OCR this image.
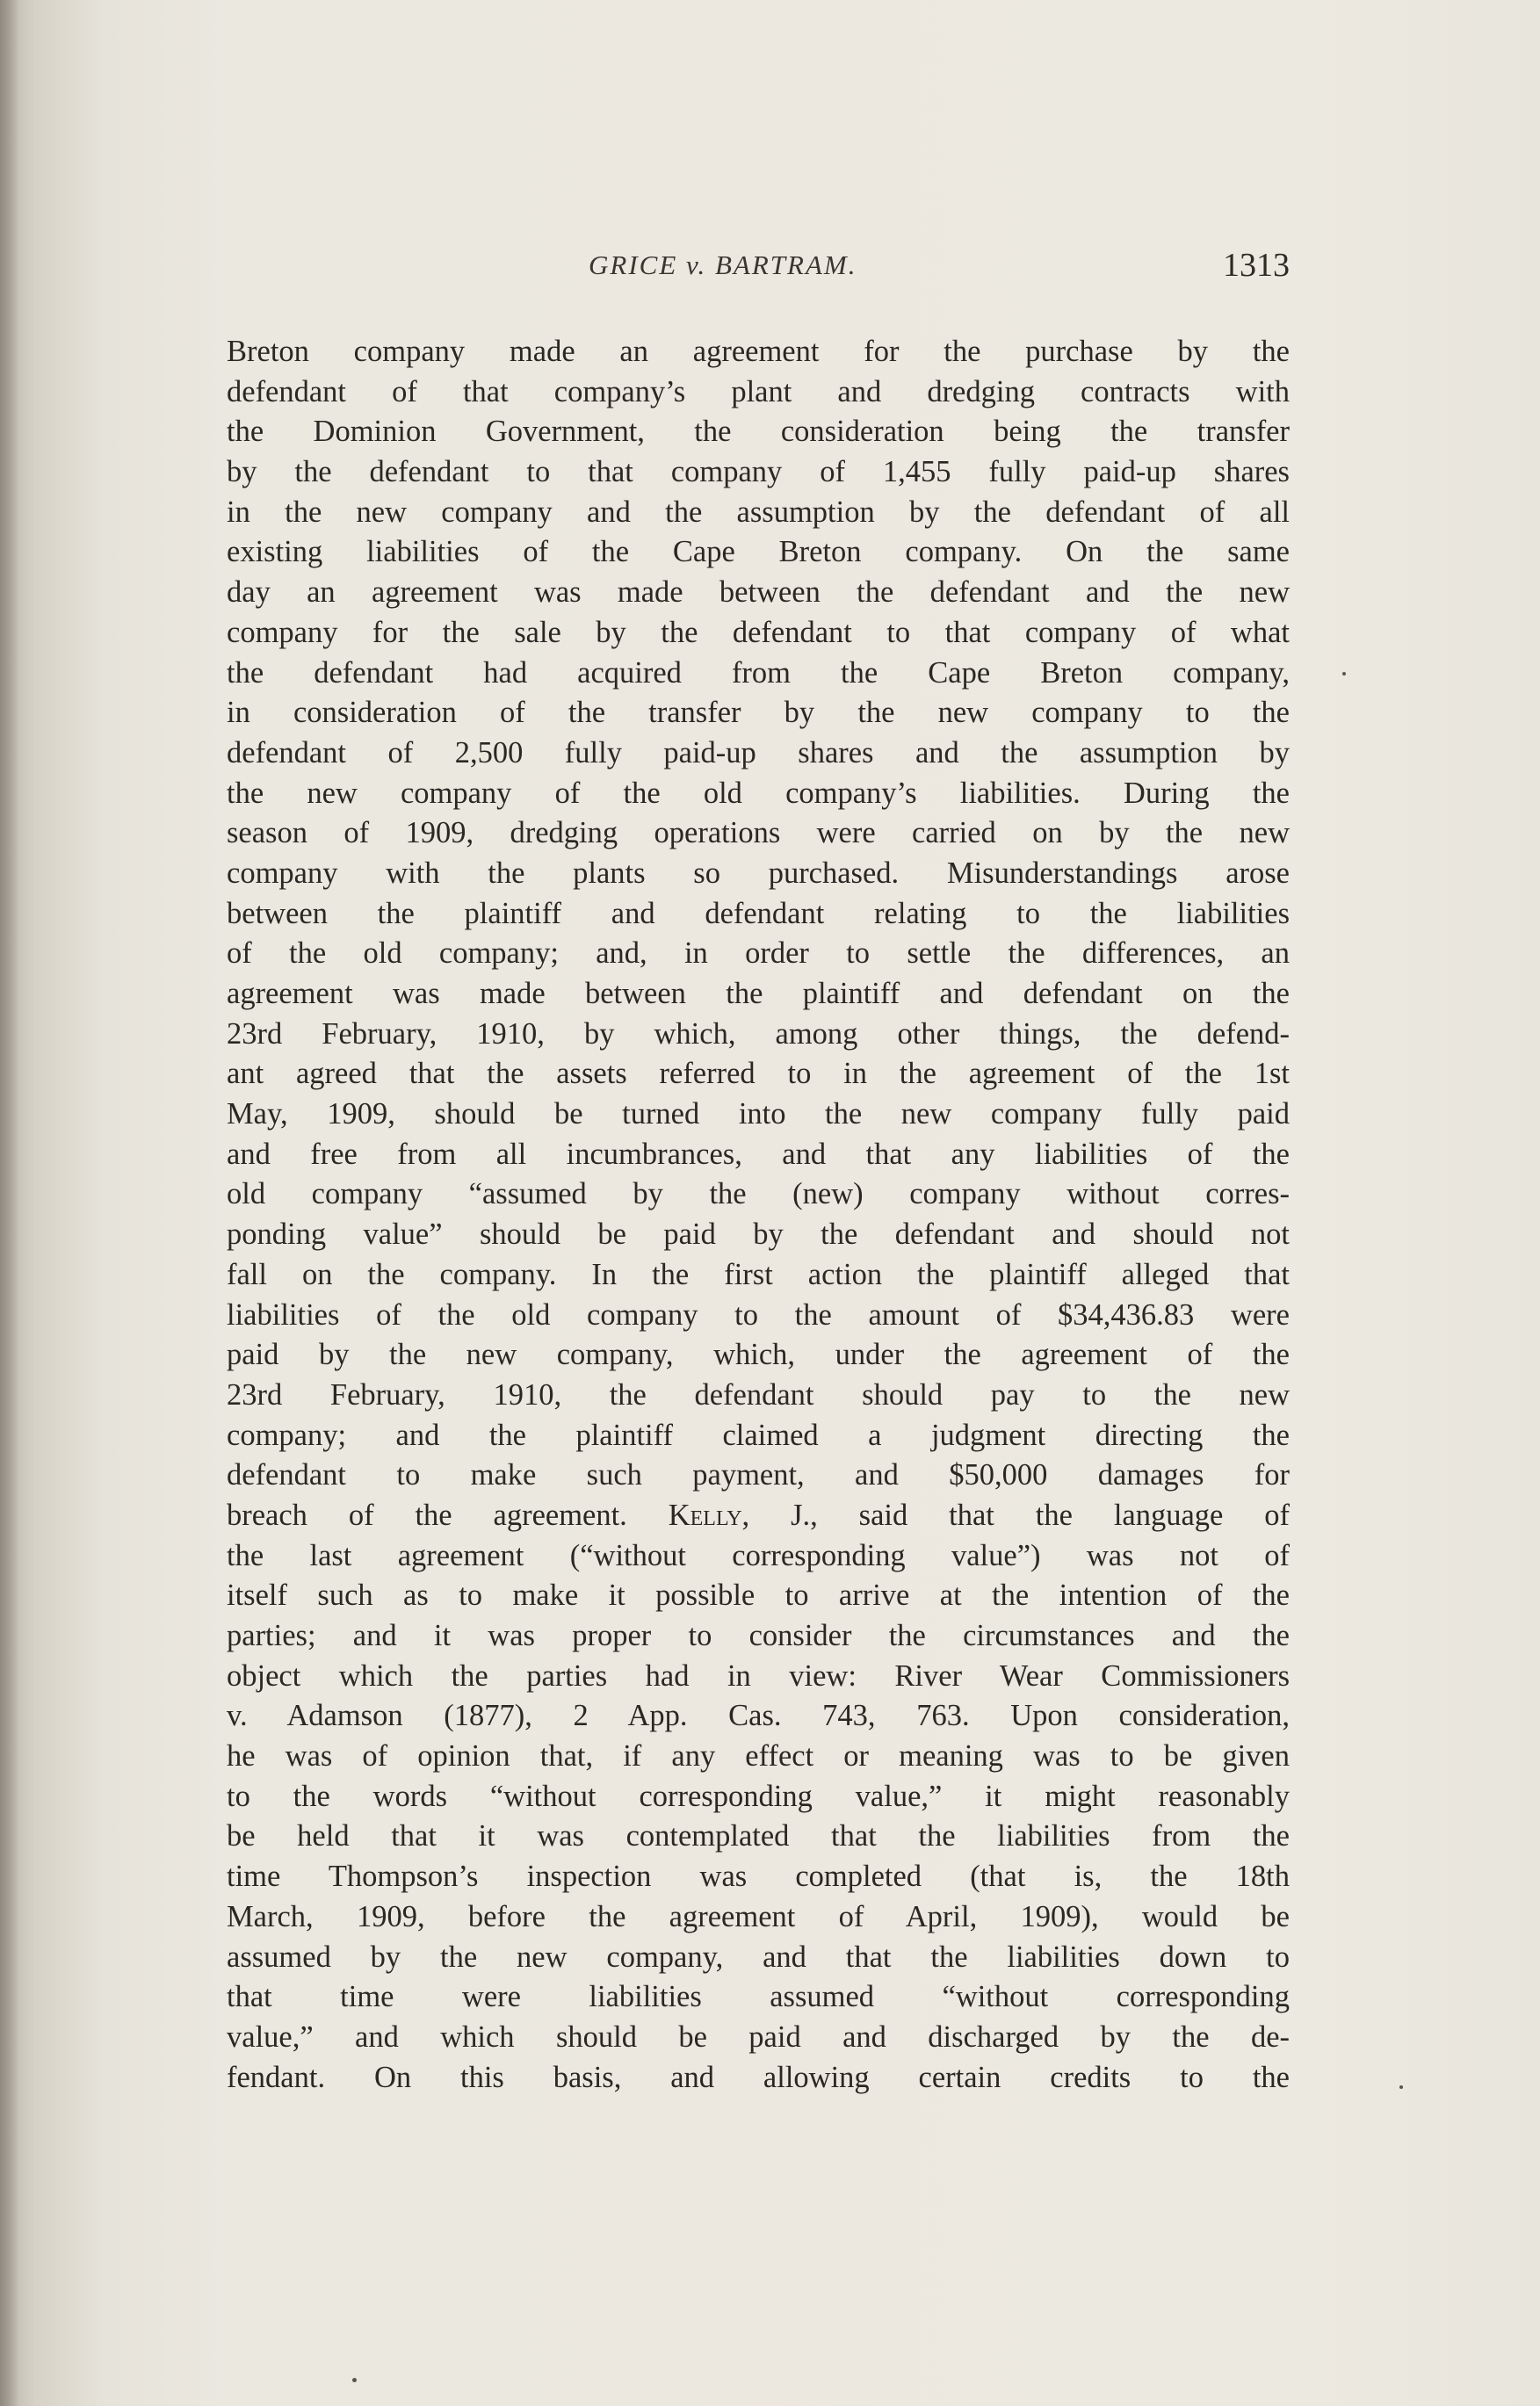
GRICE v. BARTRAM.	1313
Breton company made an agreement for the purchase by the
defendant of that company’s plant and dredging contracts with
the Dominion Government, the consideration being the transfer
by the defendant to that company of 1,455 fully paid-up shares
in the new company and the assumption by the defendant of all
existing liabilities of the Cape Breton company. On the same
day an agreement was made between the defendant and the new
company for the sale by the defendant to that company of what
the defendant had acquired from the Cape Breton company,
in consideration of the transfer by the new company to the
defendant of 2,500 fully paid-up shares and the assumption by
the new company of the old company’s liabilities. During the
season of 1909, dredging operations were carried on by the new
company with the plants so purchased. Misunderstandings arose
between the plaintiff and defendant relating to the liabilities
of the old company; and, in order to settle the differences, an
agreement was made between the plaintiff and defendant on the
23rd February, 1910, by which, among other things, the defend-
ant agreed that the assets referred to in the agreement of the 1st
May, 1909, should be turned into the new company fully paid
and free from all incumbrances, and that any liabilities of the
old company “assumed by the (new) company without corres-
ponding value” should be paid by the defendant and should not
fall on the company. In the first action the plaintiff alleged that
liabilities of the old company to the amount of $34,436.83 were
paid by the new company, which, under the agreement of the
23rd February, 1910, the defendant should pay to the new
company; and the plaintiff claimed a judgment directing the
defendant to make such payment, and $50,000 damages for
breach of the agreement. Kelly, J., said that the language of
the last agreement (“without corresponding value”) was not of
itself such as to make it possible to arrive at the intention of the
parties; and it was proper to consider the circumstances and the
object which the parties had in view: River Wear Commissioners
v. Adamson (1877), 2 App. Cas. 743, 763. Upon consideration,
he was of opinion that, if any effect or meaning was to be given
to the words “without corresponding value,” it might reasonably
be held that it was contemplated that the liabilities from the
time Thompson’s inspection was completed (that is, the 18th
March, 1909, before the agreement of April, 1909), would be
assumed by the new company, and that the liabilities down to
that time were liabilities assumed “without corresponding
value,” and which should be paid and discharged by the de-
fendant. On this basis, and allowing certain credits to the
